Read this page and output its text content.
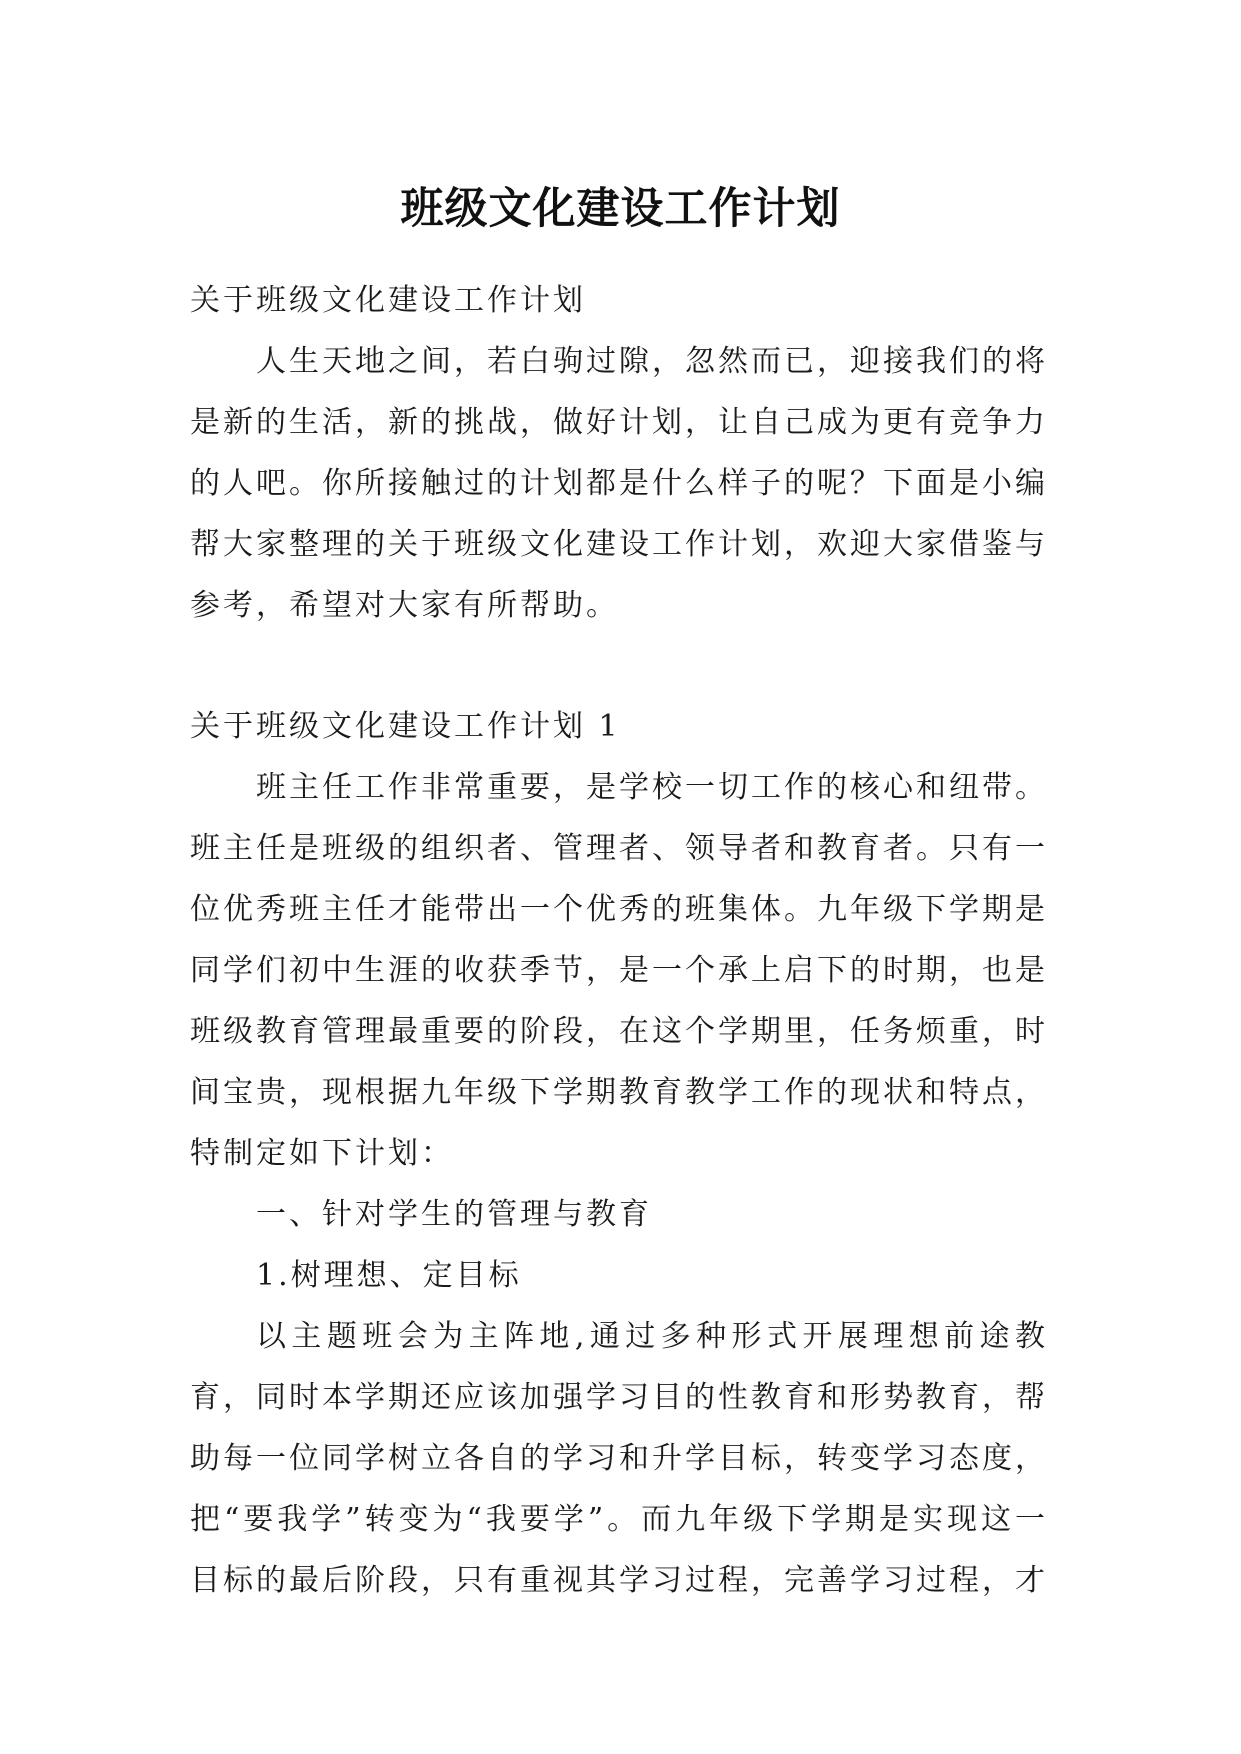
班级文化建设工作计划

关于班级文化建设工作计划

人生天地之间，若白驹过隙，忽然而已，迎接我们的将是新的生活，新的挑战，做好计划，让自己成为更有竞争力的人吧。你所接触过的计划都是什么样子的呢？下面是小编帮大家整理的关于班级文化建设工作计划，欢迎大家借鉴与参考，希望对大家有所帮助。

关于班级文化建设工作计划 1

班主任工作非常重要，是学校一切工作的核心和纽带。班主任是班级的组织者、管理者、领导者和教育者。只有一位优秀班主任才能带出一个优秀的班集体。九年级下学期是同学们初中生涯的收获季节，是一个承上启下的时期，也是班级教育管理最重要的阶段，在这个学期里，任务烦重，时间宝贵，现根据九年级下学期教育教学工作的现状和特点，特制定如下计划：

一、针对学生的管理与教育

1.树理想、定目标

以主题班会为主阵地,通过多种形式开展理想前途教育，同时本学期还应该加强学习目的性教育和形势教育，帮助每一位同学树立各自的学习和升学目标，转变学习态度，把“要我学”转变为“我要学”。而九年级下学期是实现这一目标的最后阶段，只有重视其学习过程，完善学习过程，才
